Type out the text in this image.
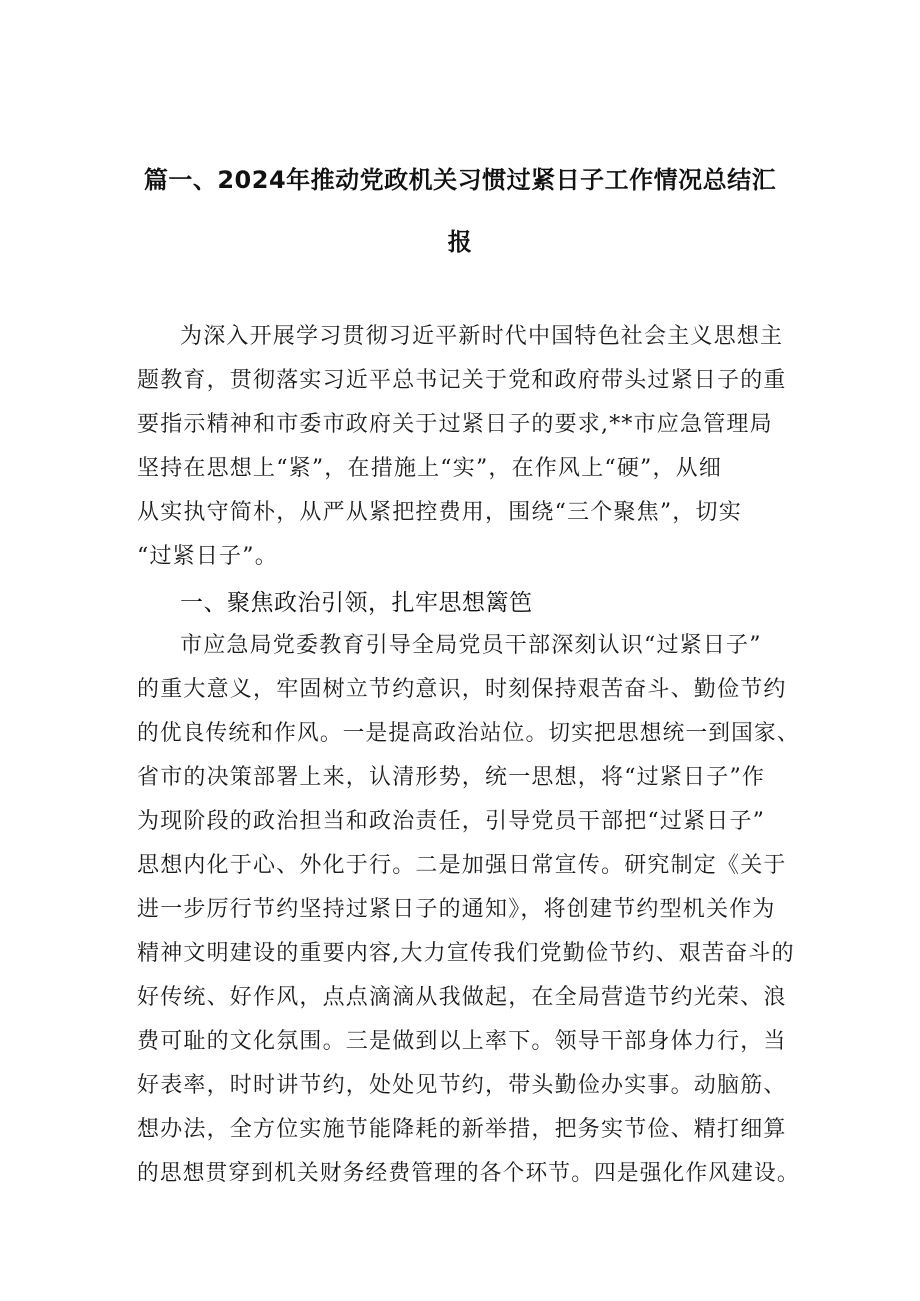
篇一、2024年推动党政机关习惯过紧日子工作情况总结汇
报
为深入开展学习贯彻习近平新时代中国特色社会主义思想主
题教育，贯彻落实习近平总书记关于党和政府带头过紧日子的重
要指示精神和市委市政府关于过紧日子的要求,**市应急管理局
坚持在思想上“紧”，在措施上“实”，在作风上“硬”，从细
从实执守简朴，从严从紧把控费用，围绕“三个聚焦”，切实
“过紧日子”。
一、聚焦政治引领，扎牢思想篱笆
市应急局党委教育引导全局党员干部深刻认识“过紧日子”
的重大意义，牢固树立节约意识，时刻保持艰苦奋斗、勤俭节约
的优良传统和作风。一是提高政治站位。切实把思想统一到国家、
省市的决策部署上来，认清形势，统一思想，将“过紧日子”作
为现阶段的政治担当和政治责任，引导党员干部把“过紧日子”
思想内化于心、外化于行。二是加强日常宣传。研究制定《关于
进一步厉行节约坚持过紧日子的通知》，将创建节约型机关作为
精神文明建设的重要内容,大力宣传我们党勤俭节约、艰苦奋斗的
好传统、好作风，点点滴滴从我做起，在全局营造节约光荣、浪
费可耻的文化氛围。三是做到以上率下。领导干部身体力行，当
好表率，时时讲节约，处处见节约，带头勤俭办实事。动脑筋、
想办法，全方位实施节能降耗的新举措，把务实节俭、精打细算
的思想贯穿到机关财务经费管理的各个环节。四是强化作风建设。
